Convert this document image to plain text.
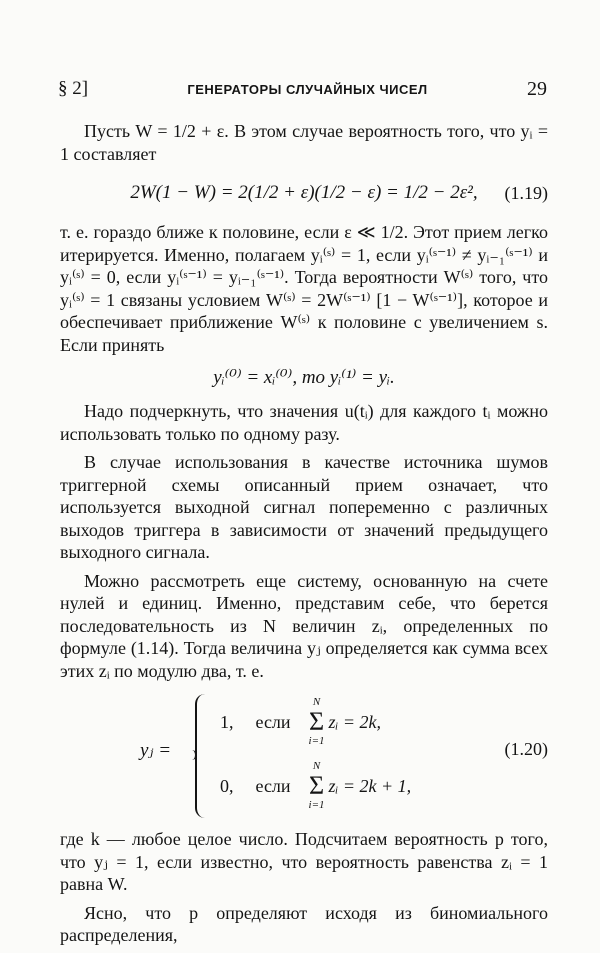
§ 2]	ГЕНЕРАТОРЫ СЛУЧАЙНЫХ ЧИСЕЛ	29

Пусть W = 1/2 + ε. В этом случае вероятность того, что yᵢ = 1 составляет

2W(1 − W) = 2(1/2 + ε)(1/2 − ε) = 1/2 − 2ε², (1.19)

т. е. гораздо ближе к половине, если ε ≪ 1/2. Этот прием легко итерируется. Именно, полагаем yᵢ⁽ˢ⁾ = 1, если yᵢ⁽ˢ⁻¹⁾ ≠ yᵢ₋₁⁽ˢ⁻¹⁾ и yᵢ⁽ˢ⁾ = 0, если yᵢ⁽ˢ⁻¹⁾ = yᵢ₋₁⁽ˢ⁻¹⁾. Тогда вероятности W⁽ˢ⁾ того, что yᵢ⁽ˢ⁾ = 1 связаны условием W⁽ˢ⁾ = 2W⁽ˢ⁻¹⁾ [1 − W⁽ˢ⁻¹⁾], которое и обеспечивает приближение W⁽ˢ⁾ к половине с увеличением s. Если принять

yᵢ⁽⁰⁾ = xᵢ⁽⁰⁾, то yᵢ⁽¹⁾ = yᵢ.

Надо подчеркнуть, что значения u(tᵢ) для каждого tᵢ можно использовать только по одному разу.

В случае использования в качестве источника шумов триггерной схемы описанный прием означает, что используется выходной сигнал попеременно с различных выходов триггера в зависимости от значений предыдущего выходного сигнала.

Можно рассмотреть еще систему, основанную на счете нулей и единиц. Именно, представим себе, что берется последовательность из N величин zᵢ, определенных по формуле (1.14). Тогда величина yⱼ определяется как сумма всех этих zᵢ по модулю два, т. е.

yⱼ =
1, если
N
Σ
i=1
zᵢ = 2k,
0, если
N
Σ
i=1
zᵢ = 2k + 1,
(1.20)

где k — любое целое число. Подсчитаем вероятность p того, что yⱼ = 1, если известно, что вероятность равенства zᵢ = 1 равна W.

Ясно, что p определяют исходя из биномиального распределения,
